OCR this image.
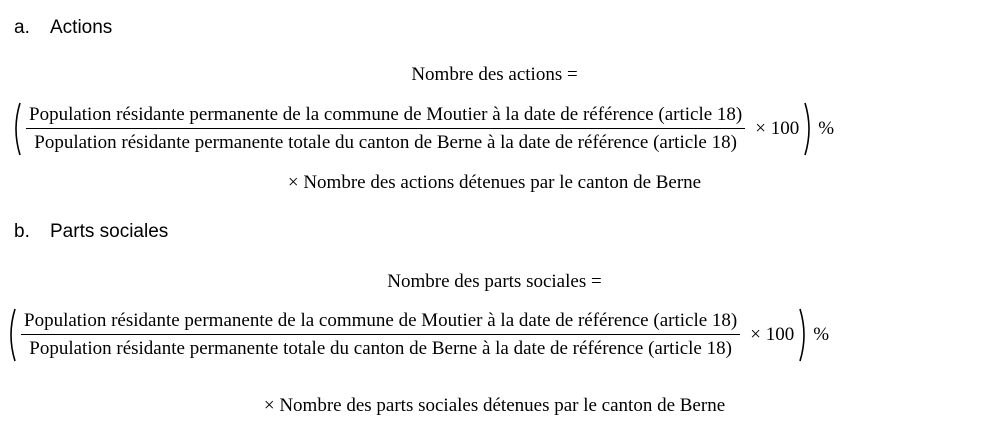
a. Actions
Nombre des actions =
Population résidante permanente de la commune de Moutier à la date de référence (article 18)
Population résidante permanente totale du canton de Berne à la date de référence (article 18)
× 100 %
× Nombre des actions détenues par le canton de Berne
b. Parts sociales
Nombre des parts sociales =
Population résidante permanente de la commune de Moutier à la date de référence (article 18)
Population résidante permanente totale du canton de Berne à la date de référence (article 18)
× 100 %
× Nombre des parts sociales détenues par le canton de Berne
